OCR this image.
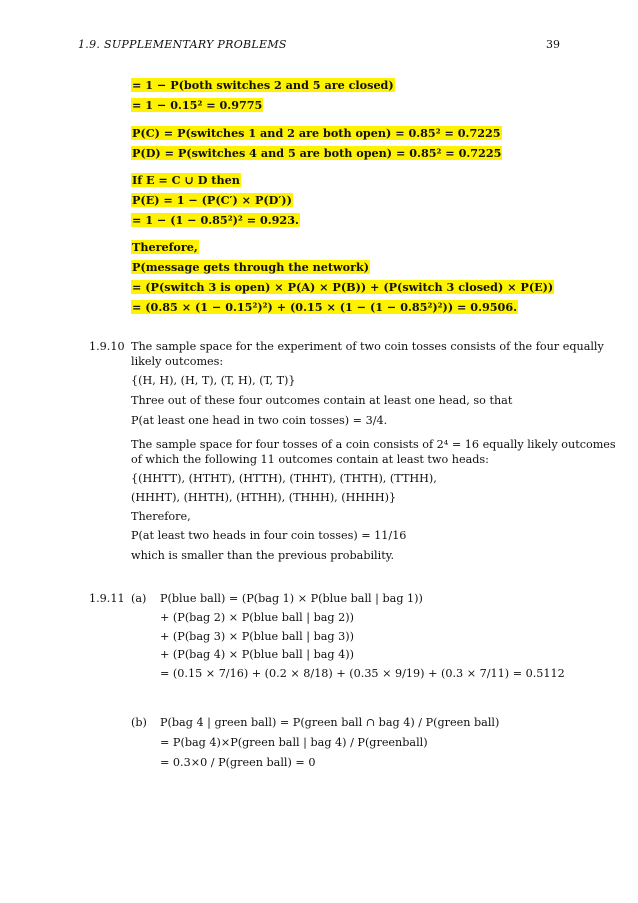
1.9. SUPPLEMENTARY PROBLEMS	39
= 1 − P(both switches 2 and 5 are closed)
= 1 − 0.15² = 0.9775
P(C) = P(switches 1 and 2 are both open) = 0.85² = 0.7225
P(D) = P(switches 4 and 5 are both open) = 0.85² = 0.7225
If E = C ∪ D then
P(E) = 1 − (P(C′) × P(D′))
= 1 − (1 − 0.85²)² = 0.923.
Therefore,
P(message gets through the network)
= (P(switch 3 is open) × P(A) × P(B)) + (P(switch 3 closed) × P(E))
= (0.85 × (1 − 0.15²)²) + (0.15 × (1 − (1 − 0.85²)²)) = 0.9506.
1.9.10 The sample space for the experiment of two coin tosses consists of the four equally
likely outcomes:
{(H, H), (H, T), (T, H), (T, T)}
Three out of these four outcomes contain at least one head, so that
P(at least one head in two coin tosses) = 3/4.
The sample space for four tosses of a coin consists of 2⁴ = 16 equally likely outcomes
of which the following 11 outcomes contain at least two heads:
{(HHTT), (HTHT), (HTTH), (THHT), (THTH), (TTHH),
(HHHT), (HHTH), (HTHH), (THHH), (HHHH)}
Therefore,
P(at least two heads in four coin tosses) = 11/16
which is smaller than the previous probability.
1.9.11 (a) P(blue ball) = (P(bag 1) × P(blue ball | bag 1))
+ (P(bag 2) × P(blue ball | bag 2))
+ (P(bag 3) × P(blue ball | bag 3))
+ (P(bag 4) × P(blue ball | bag 4))
= (0.15 × 7/16) + (0.2 × 8/18) + (0.35 × 9/19) + (0.3 × 7/11) = 0.5112
(b) P(bag 4 | green ball) = P(green ball ∩ bag 4) / P(green ball)
= P(bag 4)×P(green ball | bag 4) / P(greenball)
= 0.3×0 / P(green ball) = 0
